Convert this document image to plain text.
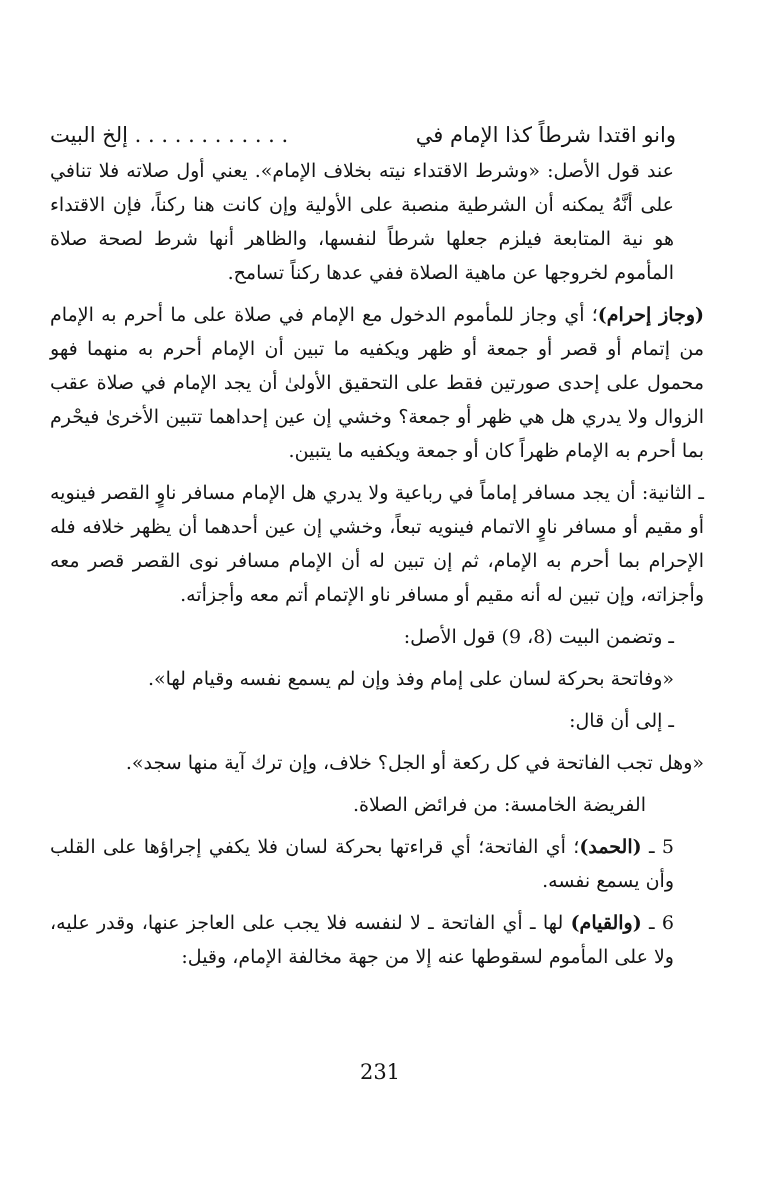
وانو اقتدا شرطاً كذا الإمام في
. . . . . . . . . . . . إلخ البيت

عند قول الأصل: «وشرط الاقتداء نيته بخلاف الإمام». يعني أول صلاته فلا تنافي على أنَّهُ يمكنه أن الشرطية منصبة على الأولية وإن كانت هنا ركناً، فإن الاقتداء هو نية المتابعة فيلزم جعلها شرطاً لنفسها، والظاهر أنها شرط لصحة صلاة المأموم لخروجها عن ماهية الصلاة ففي عدها ركناً تسامح.

(وجاز إحرام)؛ أي وجاز للمأموم الدخول مع الإمام في صلاة على ما أحرم به الإمام من إتمام أو قصر أو جمعة أو ظهر ويكفيه ما تبين أن الإمام أحرم به منهما فهو محمول على إحدى صورتين فقط على التحقيق الأولىٰ أن يجد الإمام في صلاة عقب الزوال ولا يدري هل هي ظهر أو جمعة؟ وخشي إن عين إحداهما تتبين الأخرىٰ فيحْرم بما أحرم به الإمام ظهراً كان أو جمعة ويكفيه ما يتبين.

ـ الثانية: أن يجد مسافر إماماً في رباعية ولا يدري هل الإمام مسافر ناوٍ القصر فينويه أو مقيم أو مسافر ناوٍ الاتمام فينويه تبعاً، وخشي إن عين أحدهما أن يظهر خلافه فله الإحرام بما أحرم به الإمام، ثم إن تبين له أن الإمام مسافر نوى القصر قصر معه وأجزاته، وإن تبين له أنه مقيم أو مسافر ناو الإتمام أتم معه وأجزأته.

ـ وتضمن البيت (8، 9) قول الأصل:

«وفاتحة بحركة لسان على إمام وفذ وإن لم يسمع نفسه وقيام لها».

ـ إلى أن قال:

«وهل تجب الفاتحة في كل ركعة أو الجل؟ خلاف، وإن ترك آية منها سجد».

الفريضة الخامسة: من فرائض الصلاة.

5 ـ (الحمد)؛ أي الفاتحة؛ أي قراءتها بحركة لسان فلا يكفي إجراؤها على القلب وأن يسمع نفسه.

6 ـ (والقيام) لها ـ أي الفاتحة ـ لا لنفسه فلا يجب على العاجز عنها، وقدر عليه، ولا على المأموم لسقوطها عنه إلا من جهة مخالفة الإمام، وقيل:

231
